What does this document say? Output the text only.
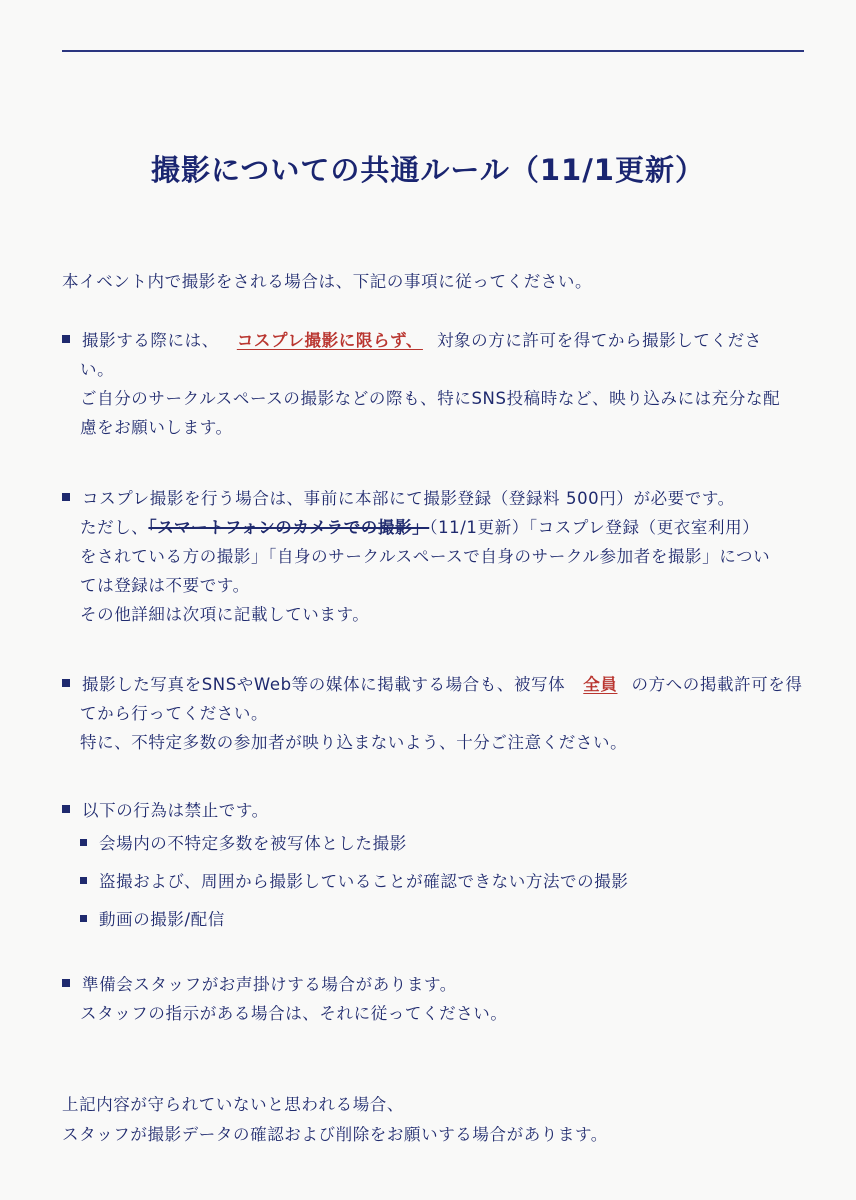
撮影についての共通ルール（11/1更新）
本イベント内で撮影をされる場合は、下記の事項に従ってください。
撮影する際には、 コスプレ撮影に限らず、 対象の方に許可を得てから撮影してくださ
い。
ご自分のサークルスペースの撮影などの際も、特にSNS投稿時など、映り込みには充分な配
慮をお願いします。
コスプレ撮影を行う場合は、事前に本部にて撮影登録（登録料 500円）が必要です。
ただし、「スマートフォンのカメラでの撮影」（11/1更新）「コスプレ登録（更衣室利用）
をされている方の撮影」「自身のサークルスペースで自身のサークル参加者を撮影」につい
ては登録は不要です。
その他詳細は次項に記載しています。
撮影した写真をSNSやWeb等の媒体に掲載する場合も、被写体 全員 の方への掲載許可を得
てから行ってください。
特に、不特定多数の参加者が映り込まないよう、十分ご注意ください。
以下の行為は禁止です。
会場内の不特定多数を被写体とした撮影
盗撮および、周囲から撮影していることが確認できない方法での撮影
動画の撮影/配信
準備会スタッフがお声掛けする場合があります。
スタッフの指示がある場合は、それに従ってください。
上記内容が守られていないと思われる場合、
スタッフが撮影データの確認および削除をお願いする場合があります。
